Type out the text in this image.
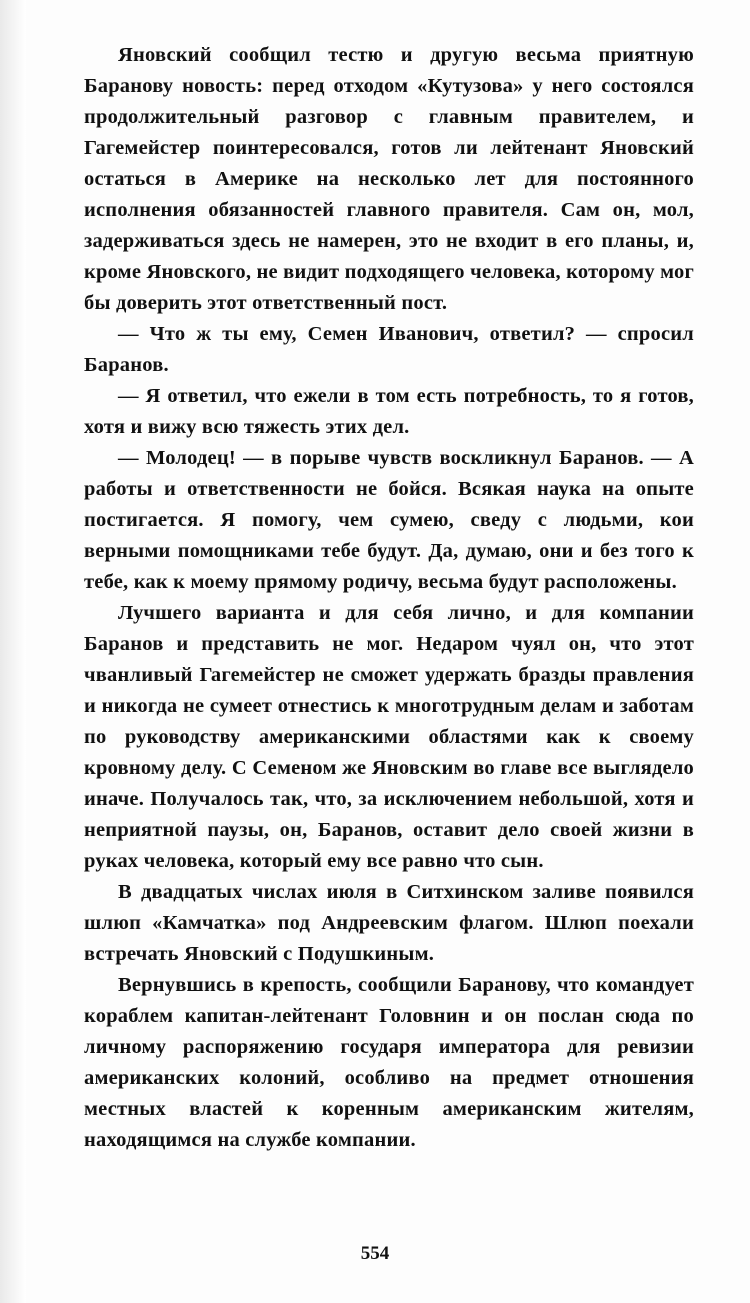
Яновский сообщил тестю и другую весьма приятную Баранову новость: перед отходом «Кутузова» у него состоялся продолжительный разговор с главным правителем, и Гагемейстер поинтересовался, готов ли лейтенант Яновский остаться в Америке на несколько лет для постоянного исполнения обязанностей главного правителя. Сам он, мол, задерживаться здесь не намерен, это не входит в его планы, и, кроме Яновского, не видит подходящего человека, которому мог бы доверить этот ответственный пост.

— Что ж ты ему, Семен Иванович, ответил? — спросил Баранов.

— Я ответил, что ежели в том есть потребность, то я готов, хотя и вижу всю тяжесть этих дел.

— Молодец! — в порыве чувств воскликнул Баранов. — А работы и ответственности не бойся. Всякая наука на опыте постигается. Я помогу, чем сумею, сведу с людьми, кои верными помощниками тебе будут. Да, думаю, они и без того к тебе, как к моему прямому родичу, весьма будут расположены.

Лучшего варианта и для себя лично, и для компании Баранов и представить не мог. Недаром чуял он, что этот чванливый Гагемейстер не сможет удержать бразды правления и никогда не сумеет отнестись к многотрудным делам и заботам по руководству американскими областями как к своему кровному делу. С Семеном же Яновским во главе все выглядело иначе. Получалось так, что, за исключением небольшой, хотя и неприятной паузы, он, Баранов, оставит дело своей жизни в руках человека, который ему все равно что сын.

В двадцатых числах июля в Ситхинском заливе появился шлюп «Камчатка» под Андреевским флагом. Шлюп поехали встречать Яновский с Подушкиным.

Вернувшись в крепость, сообщили Баранову, что командует кораблем капитан-лейтенант Головнин и он послан сюда по личному распоряжению государя императора для ревизии американских колоний, особливо на предмет отношения местных властей к коренным американским жителям, находящимся на службе компании.

554
